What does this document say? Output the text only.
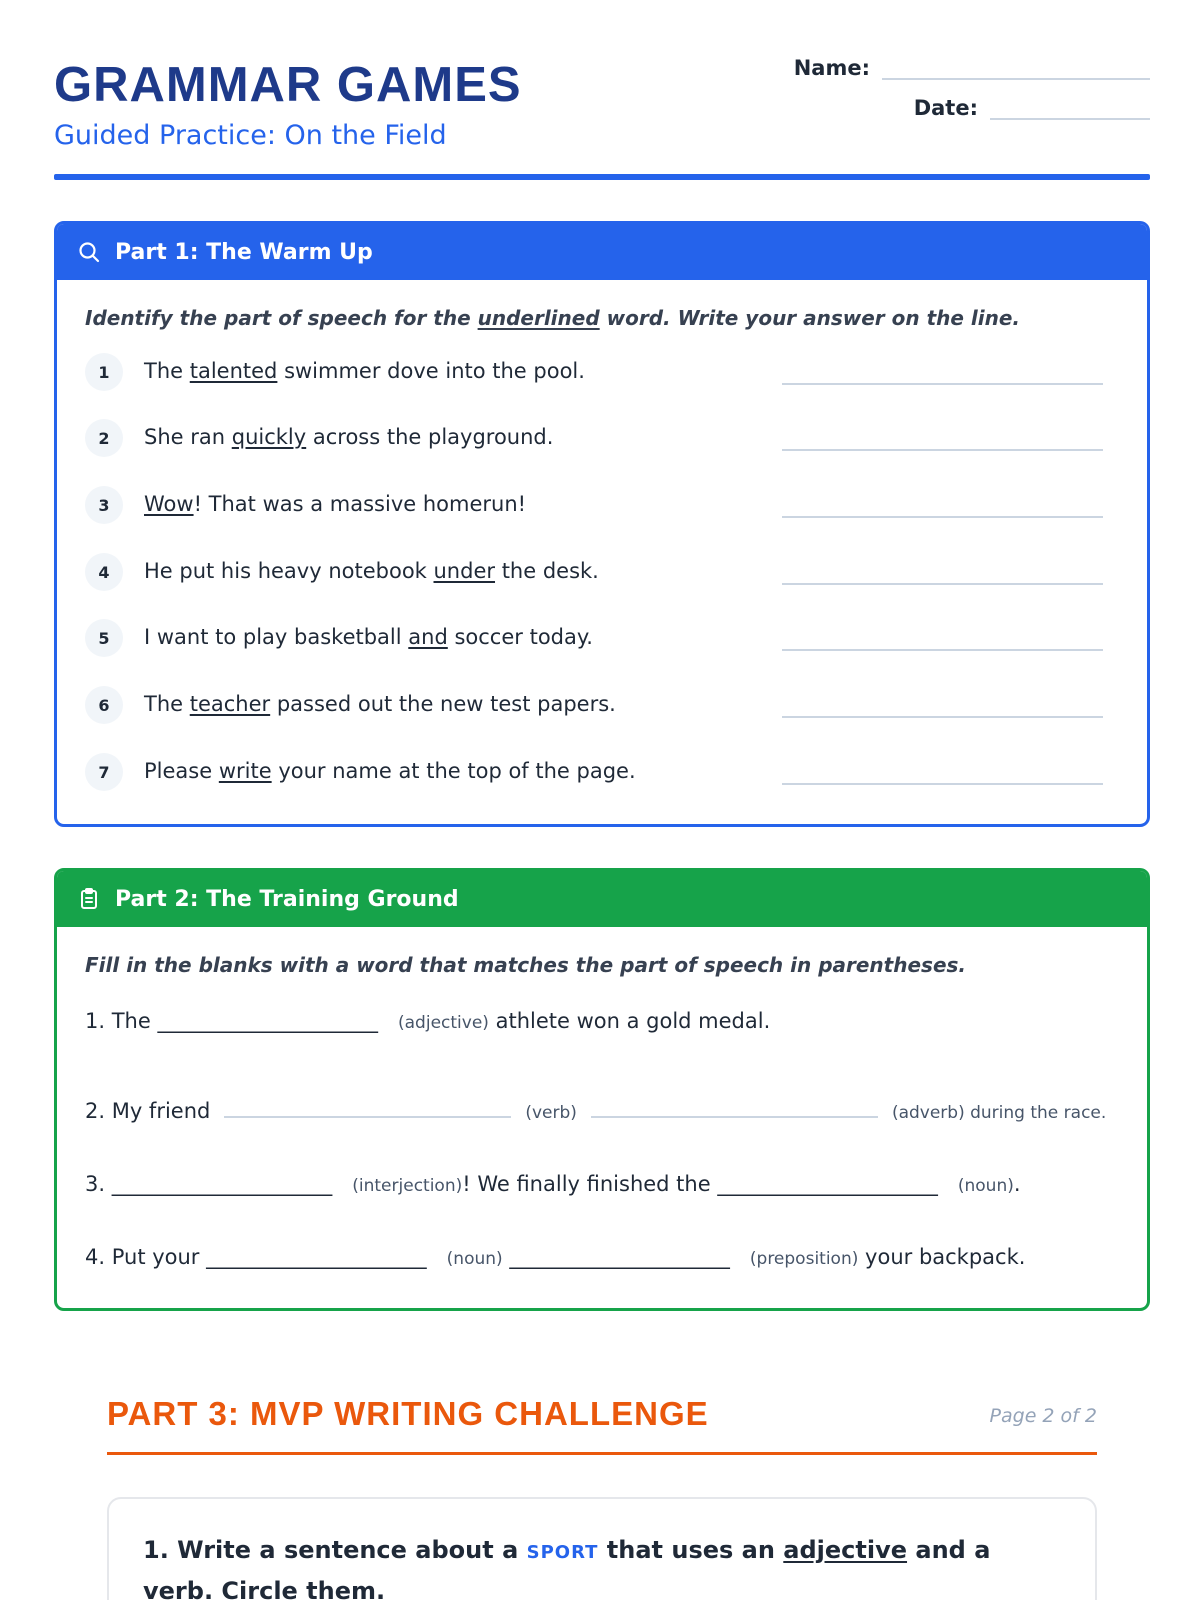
GRAMMAR GAMES
Guided Practice: On the Field
Name:
Date:
Part 1: The Warm Up
Identify the part of speech for the underlined word. Write your answer on the line.
1	The talented swimmer dove into the pool.
2	She ran quickly across the playground.
3	Wow! That was a massive homerun!
4	He put his heavy notebook under the desk.
5	I want to play basketball and soccer today.
6	The teacher passed out the new test papers.
7	Please write your name at the top of the page.
Part 2: The Training Ground
Fill in the blanks with a word that matches the part of speech in parentheses.
1. The
_____________________
(adjective)
athlete won a gold medal.
2. My friend	(verb)	(adverb) during the race.
3.
_____________________
(interjection) ! We finally finished the
_____________________
(noun) .
4. Put your
_____________________
(noun)
_____________________
(preposition)
your backpack.
PART 3: MVP WRITING CHALLENGE	Page 2 of 2
1. Write a sentence about a SPORT that uses an adjective and a verb. Circle them.
